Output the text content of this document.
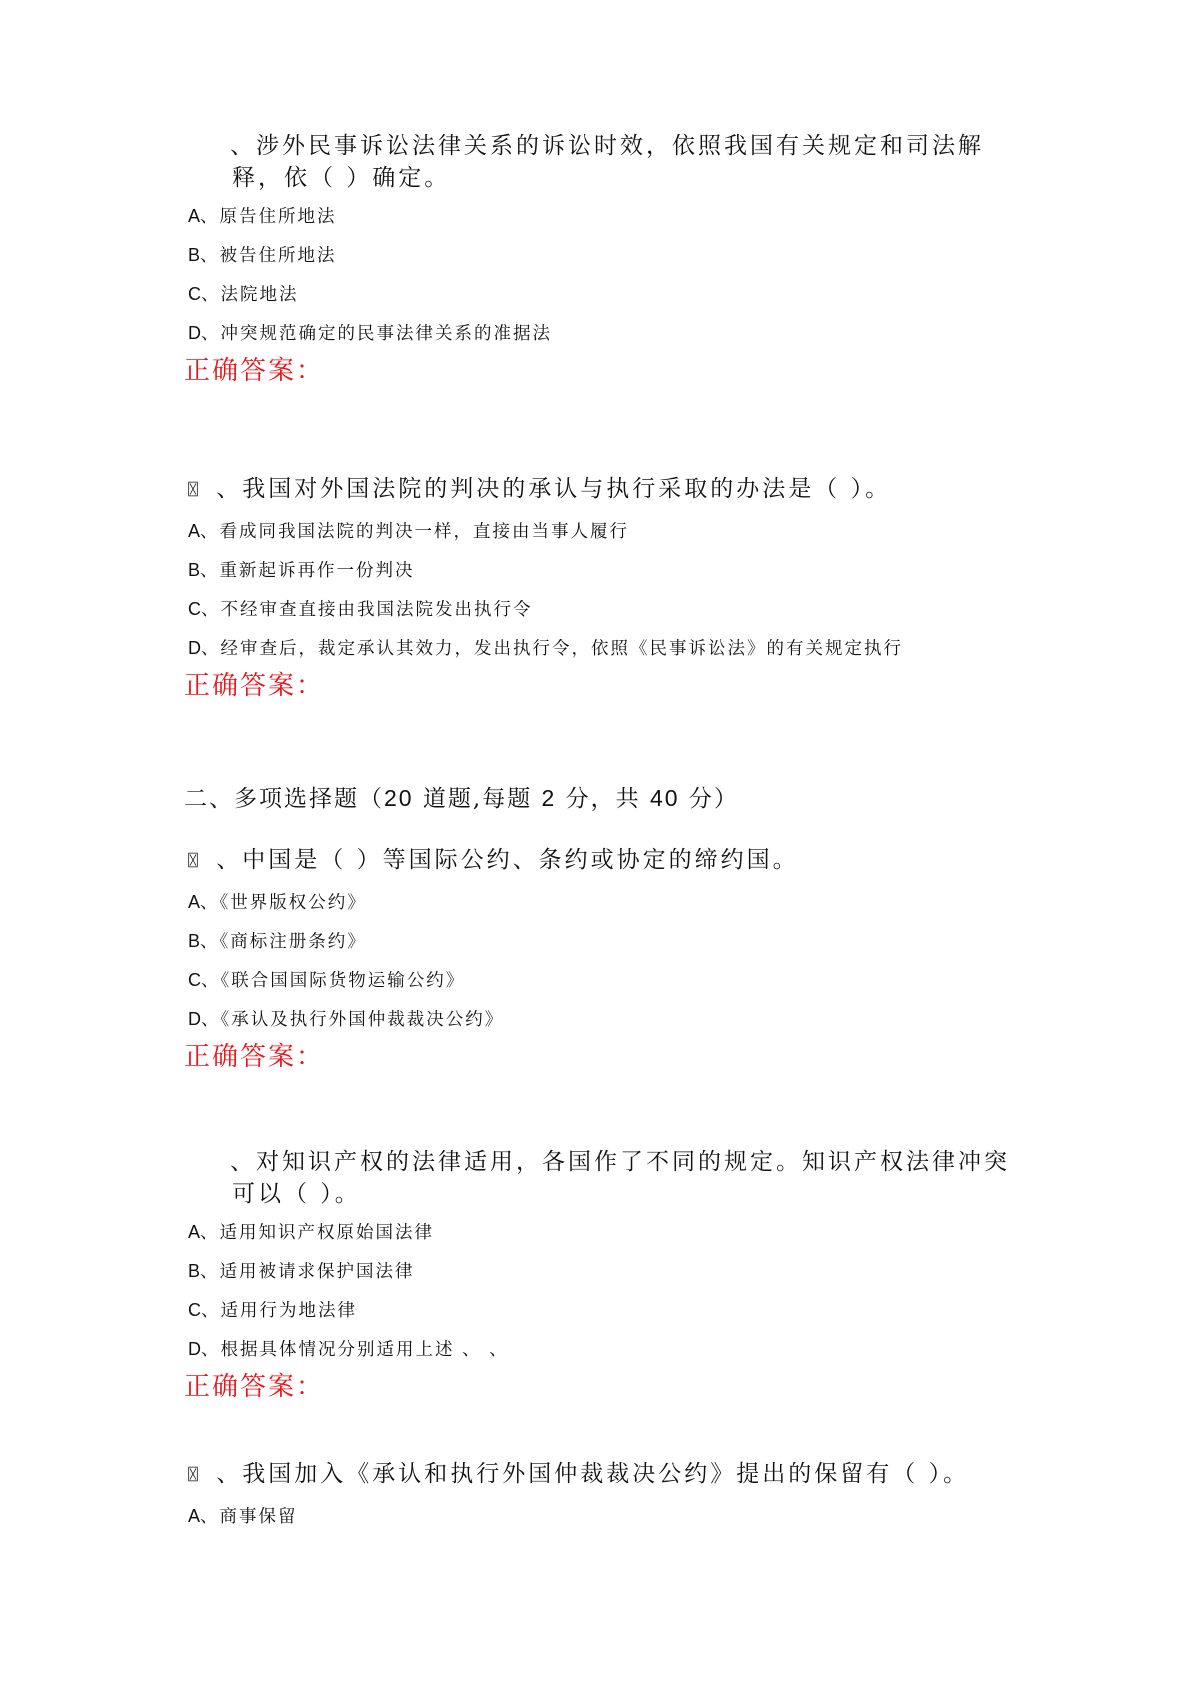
、涉外民事诉讼法律关系的诉讼时效，依照我国有关规定和司法解释，依（ ）确定。

A、原告住所地法
B、被告住所地法
C、法院地法
D、冲突规范确定的民事法律关系的准据法

正确答案：

〿 、我国对外国法院的判决的承认与执行采取的办法是（ ）。

A、看成同我国法院的判决一样，直接由当事人履行
B、重新起诉再作一份判决
C、不经审查直接由我国法院发出执行令
D、经审查后，裁定承认其效力，发出执行令，依照《民事诉讼法》的有关规定执行

正确答案：

二、多项选择题（20 道题,每题 2 分，共 40 分）

〿 、中国是（ ）等国际公约、条约或协定的缔约国。

A、《世界版权公约》
B、《商标注册条约》
C、《联合国国际货物运输公约》
D、《承认及执行外国仲裁裁决公约》

正确答案：

、对知识产权的法律适用，各国作了不同的规定。知识产权法律冲突可以（ ）。

A、适用知识产权原始国法律
B、适用被请求保护国法律
C、适用行为地法律
D、根据具体情况分别适用上述 、 、

正确答案：

〿 、我国加入《承认和执行外国仲裁裁决公约》提出的保留有（ ）。

A、商事保留
